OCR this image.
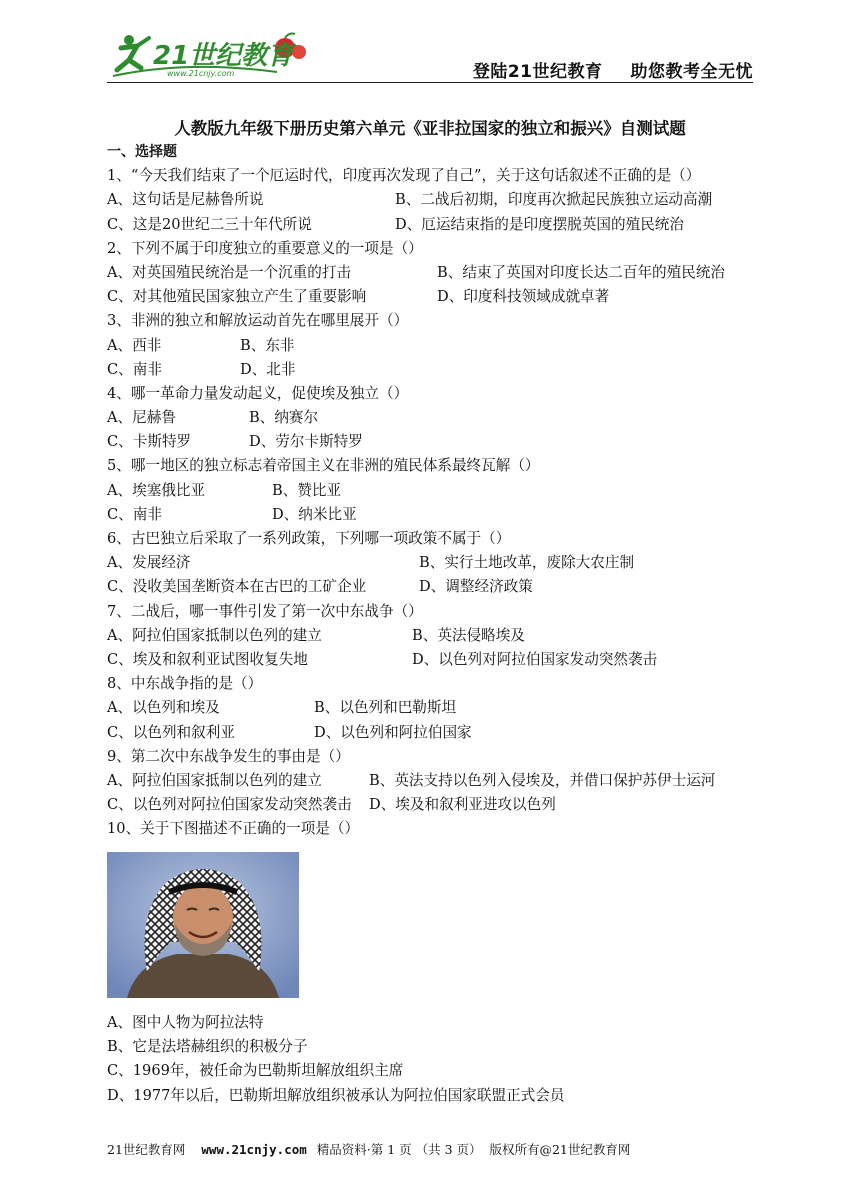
21世纪教育
www.21cnjy.com	登陆21世纪教育 助您教考全无忧
人教版九年级下册历史第六单元《亚非拉国家的独立和振兴》自测试题
一、选择题
1、“今天我们结束了一个厄运时代，印度再次发现了自己”，关于这句话叙述不正确的是（）
A、这句话是尼赫鲁所说	B、二战后初期，印度再次掀起民族独立运动高潮
C、这是20世纪二三十年代所说	D、厄运结束指的是印度摆脱英国的殖民统治
2、下列不属于印度独立的重要意义的一项是（）
A、对英国殖民统治是一个沉重的打击	B、结束了英国对印度长达二百年的殖民统治
C、对其他殖民国家独立产生了重要影响	D、印度科技领域成就卓著
3、非洲的独立和解放运动首先在哪里展开（）
A、西非	B、东非
C、南非	D、北非
4、哪一革命力量发动起义，促使埃及独立（）
A、尼赫鲁	B、纳赛尔
C、卡斯特罗	D、劳尔卡斯特罗
5、哪一地区的独立标志着帝国主义在非洲的殖民体系最终瓦解（）
A、埃塞俄比亚	B、赞比亚
C、南非	D、纳米比亚
6、古巴独立后采取了一系列政策，下列哪一项政策不属于（）
A、发展经济	B、实行土地改革，废除大农庄制
C、没收美国垄断资本在古巴的工矿企业	D、调整经济政策
7、二战后，哪一事件引发了第一次中东战争（）
A、阿拉伯国家抵制以色列的建立	B、英法侵略埃及
C、埃及和叙利亚试图收复失地	D、以色列对阿拉伯国家发动突然袭击
8、中东战争指的是（）
A、以色列和埃及	B、以色列和巴勒斯坦
C、以色列和叙利亚	D、以色列和阿拉伯国家
9、第二次中东战争发生的事由是（）
A、阿拉伯国家抵制以色列的建立	B、英法支持以色列入侵埃及，并借口保护苏伊士运河
C、以色列对阿拉伯国家发动突然袭击 D、埃及和叙利亚进攻以色列
10、关于下图描述不正确的一项是（）
A、图中人物为阿拉法特
B、它是法塔赫组织的积极分子
C、1969年，被任命为巴勒斯坦解放组织主席
D、1977年以后，巴勒斯坦解放组织被承认为阿拉伯国家联盟正式会员
21世纪教育网 www.21cnjy.com 精品资料·第 1 页 （共 3 页） 版权所有@21世纪教育网
